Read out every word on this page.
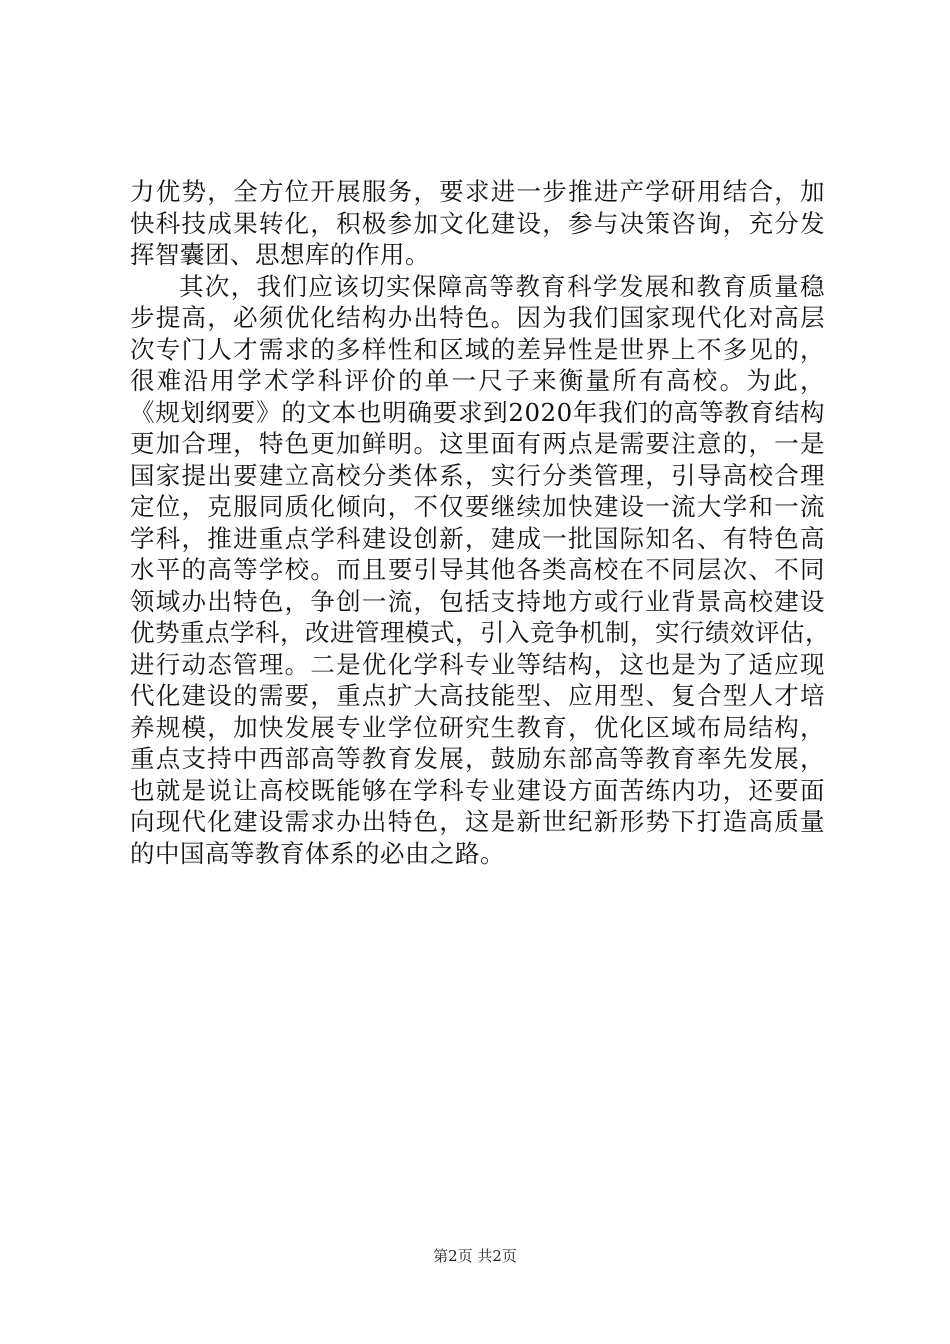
力优势，全方位开展服务，要求进一步推进产学研用结合，加
快科技成果转化，积极参加文化建设，参与决策咨询，充分发
挥智囊团、思想库的作用。
其次，我们应该切实保障高等教育科学发展和教育质量稳
步提高，必须优化结构办出特色。因为我们国家现代化对高层
次专门人才需求的多样性和区域的差异性是世界上不多见的，
很难沿用学术学科评价的单一尺子来衡量所有高校。为此，
《规划纲要》的文本也明确要求到2020年我们的高等教育结构
更加合理，特色更加鲜明。这里面有两点是需要注意的，一是
国家提出要建立高校分类体系，实行分类管理，引导高校合理
定位，克服同质化倾向，不仅要继续加快建设一流大学和一流
学科，推进重点学科建设创新，建成一批国际知名、有特色高
水平的高等学校。而且要引导其他各类高校在不同层次、不同
领域办出特色，争创一流，包括支持地方或行业背景高校建设
优势重点学科，改进管理模式，引入竞争机制，实行绩效评估，
进行动态管理。二是优化学科专业等结构，这也是为了适应现
代化建设的需要，重点扩大高技能型、应用型、复合型人才培
养规模，加快发展专业学位研究生教育，优化区域布局结构，
重点支持中西部高等教育发展，鼓励东部高等教育率先发展，
也就是说让高校既能够在学科专业建设方面苦练内功，还要面
向现代化建设需求办出特色，这是新世纪新形势下打造高质量
的中国高等教育体系的必由之路。
第2页 共2页
